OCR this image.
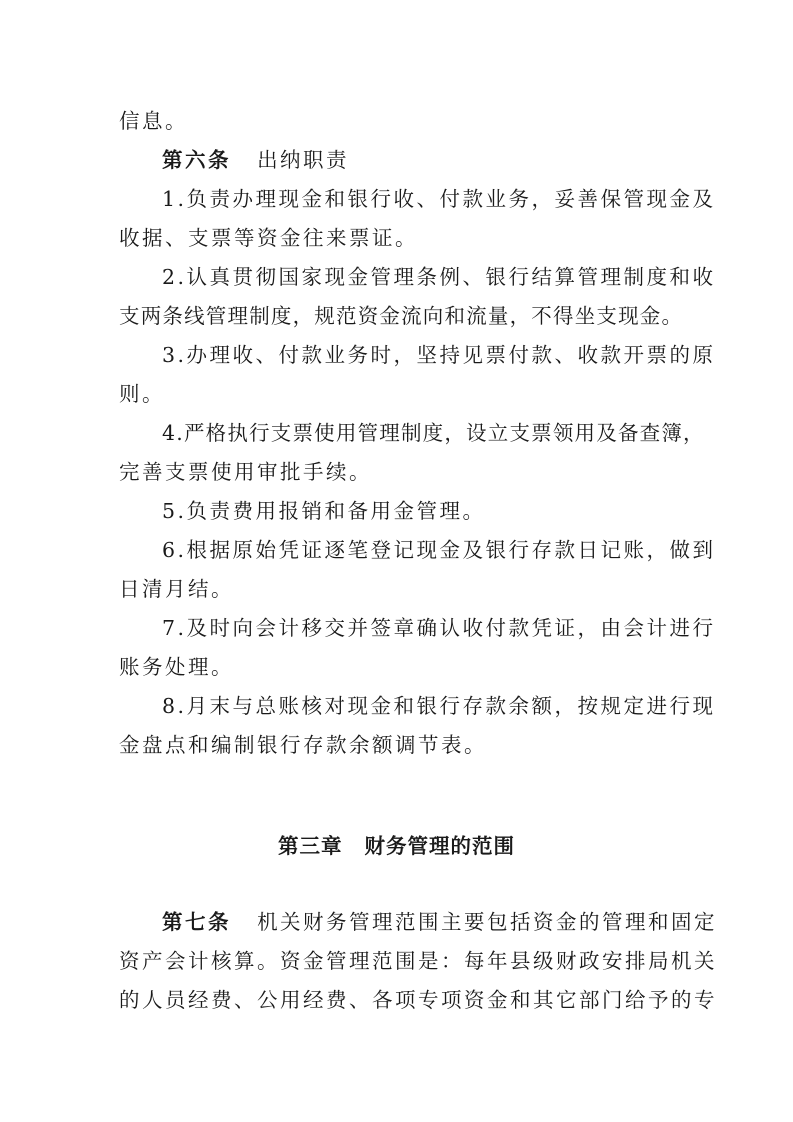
信息。
第六条 出纳职责
1.负责办理现金和银行收、付款业务，妥善保管现金及
收据、支票等资金往来票证。
2.认真贯彻国家现金管理条例、银行结算管理制度和收
支两条线管理制度，规范资金流向和流量，不得坐支现金。
3.办理收、付款业务时，坚持见票付款、收款开票的原
则。
4.严格执行支票使用管理制度，设立支票领用及备查簿，
完善支票使用审批手续。
5.负责费用报销和备用金管理。
6.根据原始凭证逐笔登记现金及银行存款日记账，做到
日清月结。
7.及时向会计移交并签章确认收付款凭证，由会计进行
账务处理。
8.月末与总账核对现金和银行存款余额，按规定进行现
金盘点和编制银行存款余额调节表。
第三章 财务管理的范围
第七条 机关财务管理范围主要包括资金的管理和固定
资产会计核算。资金管理范围是：每年县级财政安排局机关
的人员经费、公用经费、各项专项资金和其它部门给予的专
